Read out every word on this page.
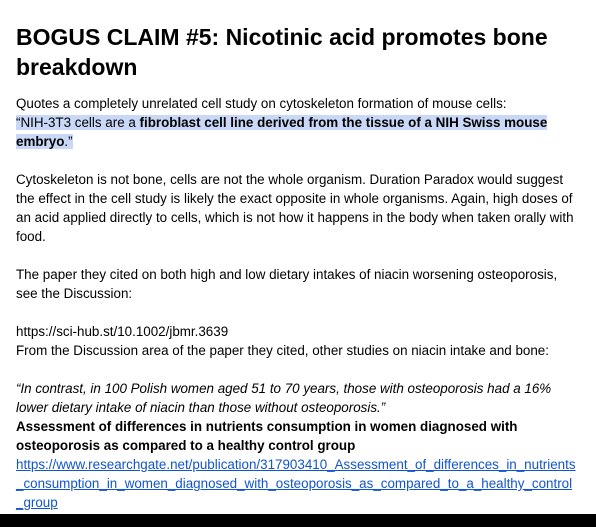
BOGUS CLAIM #5: Nicotinic acid promotes bone breakdown

Quotes a completely unrelated cell study on cytoskeleton formation of mouse cells:
“NIH-3T3 cells are a fibroblast cell line derived from the tissue of a NIH Swiss mouse embryo.”

Cytoskeleton is not bone, cells are not the whole organism. Duration Paradox would suggest the effect in the cell study is likely the exact opposite in whole organisms. Again, high doses of an acid applied directly to cells, which is not how it happens in the body when taken orally with food.

The paper they cited on both high and low dietary intakes of niacin worsening osteoporosis, see the Discussion:

https://sci-hub.st/10.1002/jbmr.3639
From the Discussion area of the paper they cited, other studies on niacin intake and bone:

“In contrast, in 100 Polish women aged 51 to 70 years, those with osteoporosis had a 16% lower dietary intake of niacin than those without osteoporosis.”
Assessment of differences in nutrients consumption in women diagnosed with osteoporosis as compared to a healthy control group
https://www.researchgate.net/publication/317903410_Assessment_of_differences_in_nutrients_consumption_in_women_diagnosed_with_osteoporosis_as_compared_to_a_healthy_control_group
